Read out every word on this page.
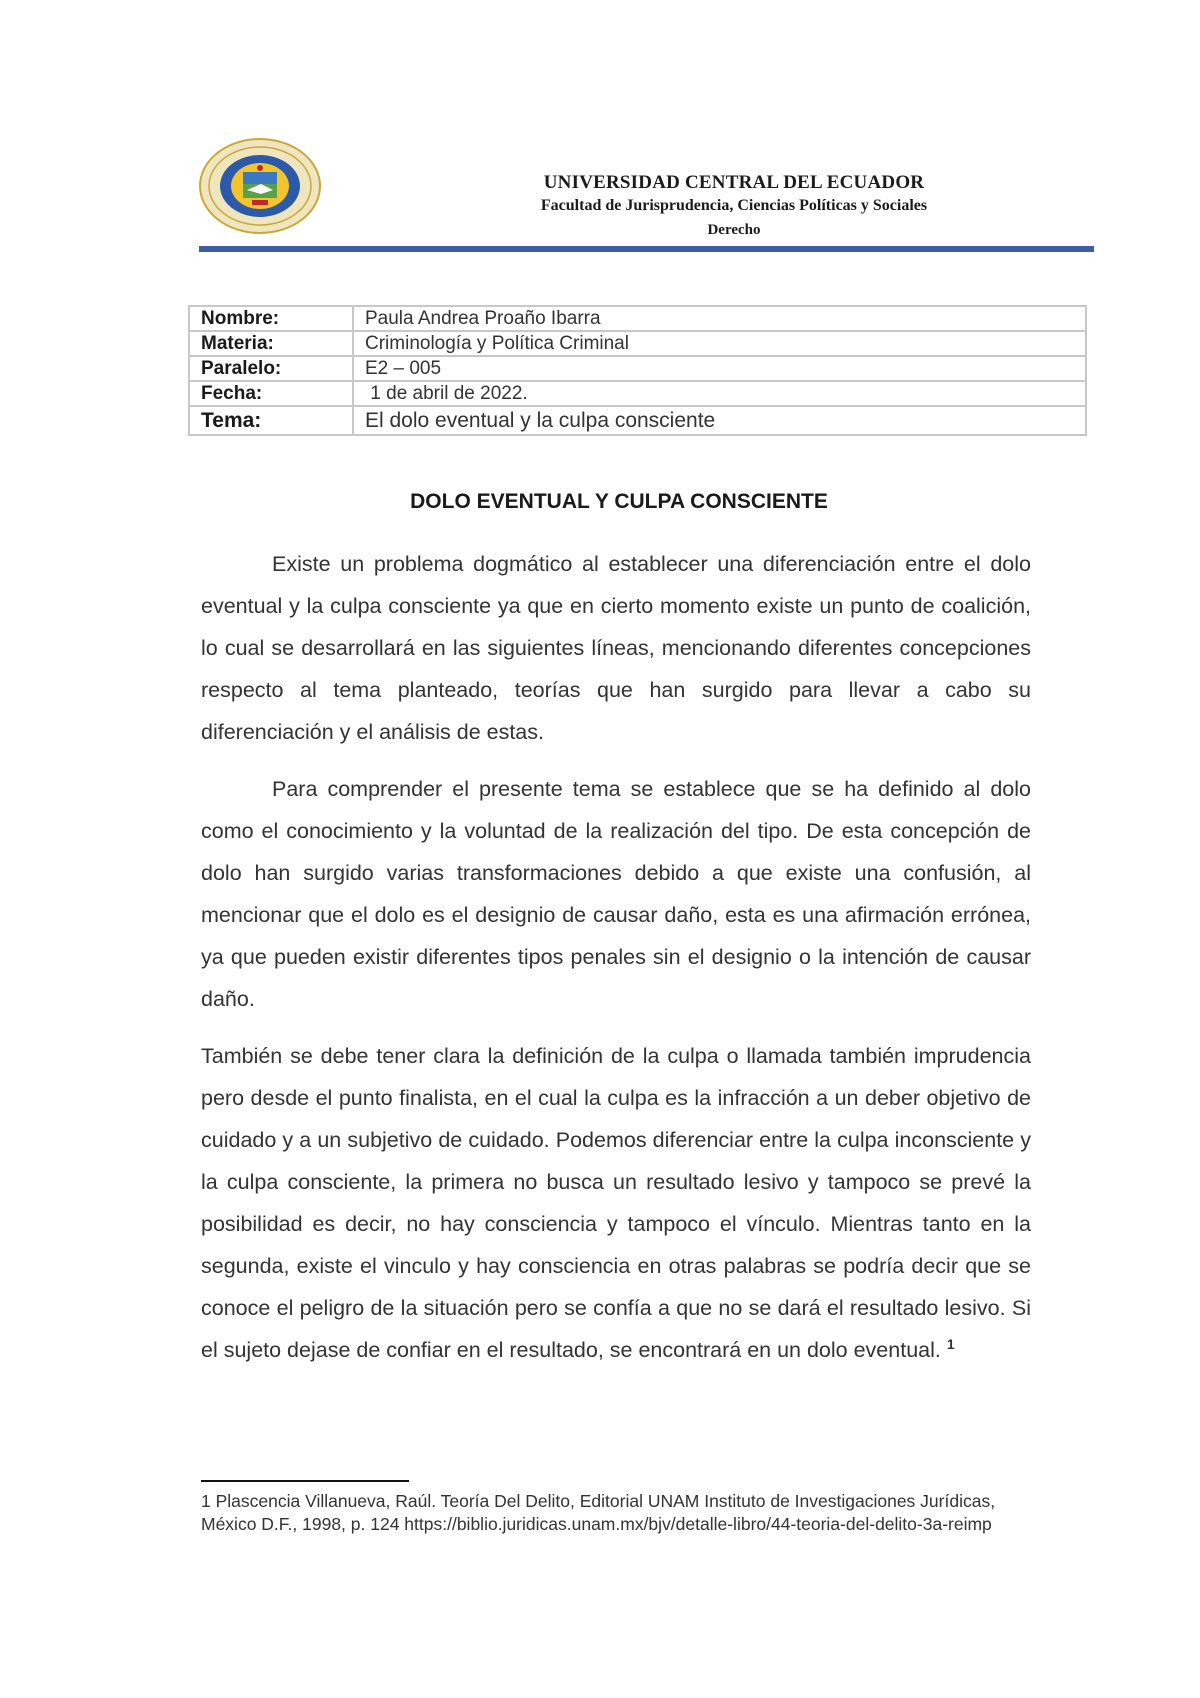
UNIVERSIDAD CENTRAL DEL ECUADOR
Facultad de Jurisprudencia, Ciencias Políticas y Sociales
Derecho
Nombre:	Paula Andrea Proaño Ibarra
Materia:	Criminología y Política Criminal
Paralelo:	E2 – 005
Fecha:	1 de abril de 2022.
Tema:	El dolo eventual y la culpa consciente
DOLO EVENTUAL Y CULPA CONSCIENTE

Existe un problema dogmático al establecer una diferenciación entre el dolo eventual y la culpa consciente ya que en cierto momento existe un punto de coalición, lo cual se desarrollará en las siguientes líneas, mencionando diferentes concepciones respecto al tema planteado, teorías que han surgido para llevar a cabo su diferenciación y el análisis de estas.

Para comprender el presente tema se establece que se ha definido al dolo como el conocimiento y la voluntad de la realización del tipo. De esta concepción de dolo han surgido varias transformaciones debido a que existe una confusión, al mencionar que el dolo es el designio de causar daño, esta es una afirmación errónea, ya que pueden existir diferentes tipos penales sin el designio o la intención de causar daño.

También se debe tener clara la definición de la culpa o llamada también imprudencia pero desde el punto finalista, en el cual la culpa es la infracción a un deber objetivo de cuidado y a un subjetivo de cuidado. Podemos diferenciar entre la culpa inconsciente y la culpa consciente, la primera no busca un resultado lesivo y tampoco se prevé la posibilidad es decir, no hay consciencia y tampoco el vínculo. Mientras tanto en la segunda, existe el vinculo y hay consciencia en otras palabras se podría decir que se conoce el peligro de la situación pero se confía a que no se dará el resultado lesivo. Si el sujeto dejase de confiar en el resultado, se encontrará en un dolo eventual. $^1$

1 Plascencia Villanueva, Raúl. Teoría Del Delito, Editorial UNAM Instituto de Investigaciones Jurídicas, México D.F., 1998, p. 124 https://biblio.juridicas.unam.mx/bjv/detalle-libro/44-teoria-del-delito-3a-reimp
